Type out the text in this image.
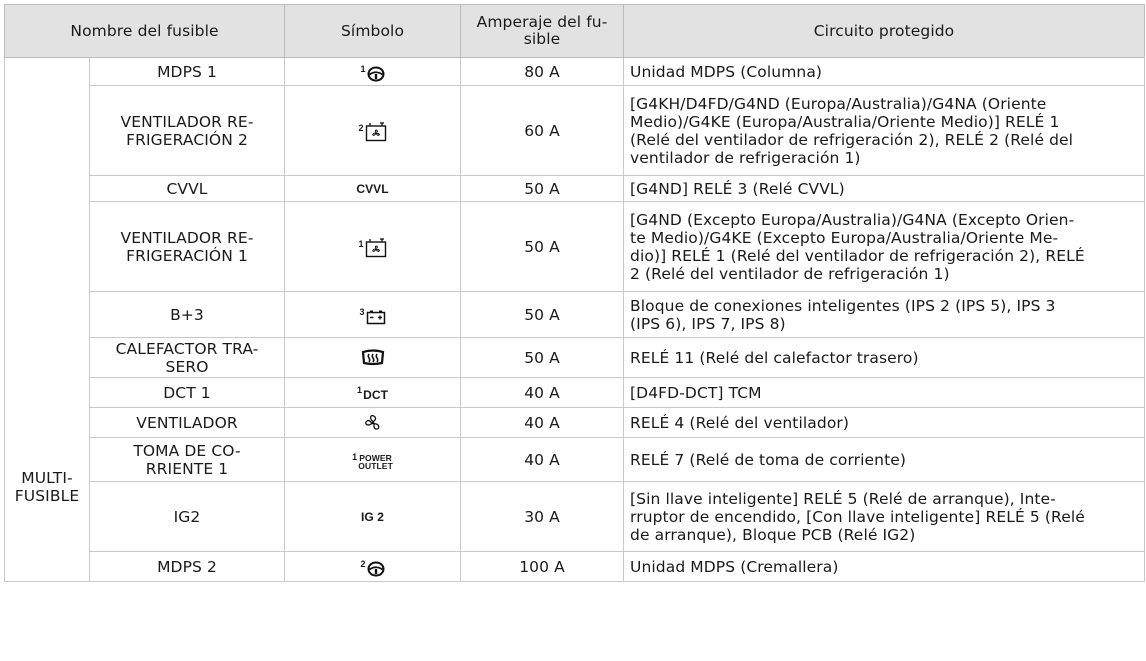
Nombre del fusible		Símbolo	Amperaje del fu-
sible	Circuito protegido
MULTI-
FUSIBLE	MDPS 1	$^1$	80 A	Unidad MDPS (Columna)
	VENTILADOR RE-
FRIGERACIÓN 2	$^2$	60 A	[G4KH/D4FD/G4ND (Europa/Australia)/G4NA (Oriente
Medio)/G4KE (Europa/Australia/Oriente Medio)] RELÉ 1
(Relé del ventilador de refrigeración 2), RELÉ 2 (Relé del
ventilador de refrigeración 1)
	CVVL	CVVL	50 A	[G4ND] RELÉ 3 (Relé CVVL)
	VENTILADOR RE-
FRIGERACIÓN 1	$^1$	50 A	[G4ND (Excepto Europa/Australia)/G4NA (Excepto Orien-
te Medio)/G4KE (Excepto Europa/Australia/Oriente Me-
dio)] RELÉ 1 (Relé del ventilador de refrigeración 2), RELÉ
2 (Relé del ventilador de refrigeración 1)
	B+3	$^3$	50 A	Bloque de conexiones inteligentes (IPS 2 (IPS 5), IPS 3
(IPS 6), IPS 7, IPS 8)
	CALEFACTOR TRA-
SERO		50 A	RELÉ 11 (Relé del calefactor trasero)
	DCT 1	$^1$DCT	40 A	[D4FD-DCT] TCM
	VENTILADOR		40 A	RELÉ 4 (Relé del ventilador)
	TOMA DE CO-
RRIENTE 1	$^1$ POWER
OUTLET	40 A	RELÉ 7 (Relé de toma de corriente)
	IG2	IG 2	30 A	[Sin llave inteligente] RELÉ 5 (Relé de arranque), Inte-
rruptor de encendido, [Con llave inteligente] RELÉ 5 (Relé
de arranque), Bloque PCB (Relé IG2)
	MDPS 2	$^2$	100 A	Unidad MDPS (Cremallera)
